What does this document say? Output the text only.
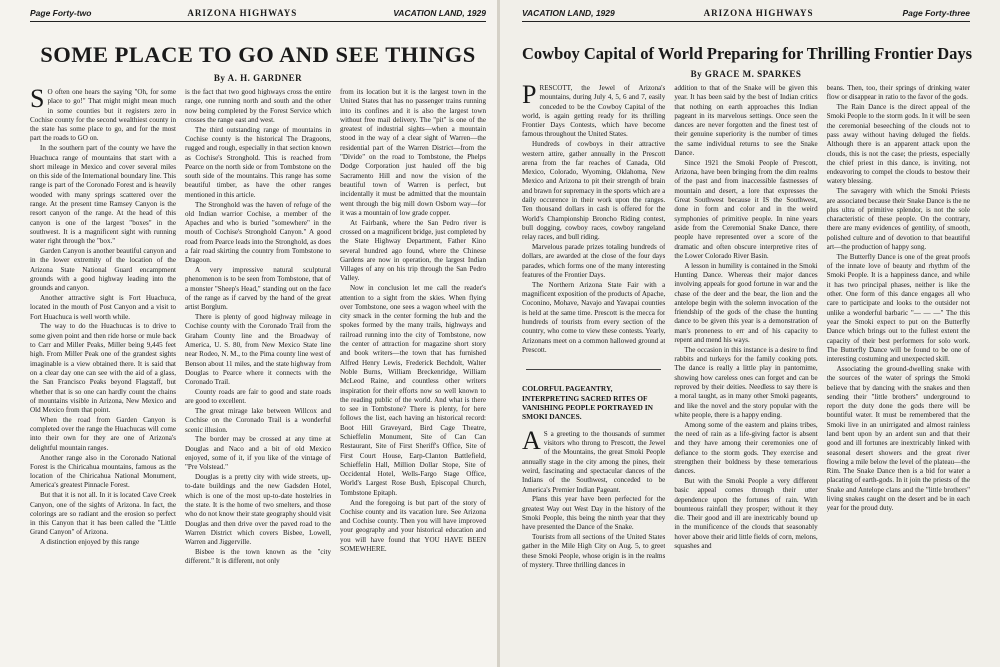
Page Forty-two	ARIZONA HIGHWAYS	VACATION LAND, 1929
SOME PLACE TO GO AND SEE THINGS
By A. H. GARDNER
S O often one hears the saying "Oh, for some place to go!" That might might mean much in some counties but it registers zero in Cochise county for the second wealthiest county in the state has some place to go, and for the most part the roads to GO on.

In the southern part of the county we have the Huachuca range of mountains that start with a short mileage in Mexico and cover several miles on this side of the International boundary line. This range is part of the Coronado Forest and is heavily wooded with many springs scattered over the range. At the present time Ramsey Canyon is the resort canyon of the range. At the head of this canyon is one of the largest "boxes" in the southwest. It is a magnificent sight with running water right through the "box."

Garden Canyon is another beautiful canyon and in the lower extremity of the location of the Arizona State National Guard encampment grounds with a good highway leading into the grounds and canyon.

Another attractive sight is Fort Huachuca, located in the mouth of Post Canyon and a visit to Fort Huachuca is well worth while.

The way to do the Huachucas is to drive to some given point and then ride horse or mule back to Carr and Miller Peaks, Miller being 9,445 feet high. From Miller Peak one of the grandest sights imaginable is a view obtained there. It is said that on a clear day one can see with the aid of a glass, the San Francisco Peaks beyond Flagstaff, but whether that is so one can hardly count the chains of mountains visible in Arizona, New Mexico and Old Mexico from that point.

When the road from Garden Canyon is completed over the range the Huachucas will come into their own for they are one of Arizona's delightful mountain ranges.

Another range also in the Coronado National Forest is the Chiricahua mountains, famous as the location of the Chiricahua National Monument, America's greatest Pinnacle Forest.

But that it is not all. In it is located Cave Creek Canyon, one of the sights of Arizona. In fact, the colorings are so radiant and the erosion so perfect in this Canyon that it has been called the "Little Grand Canyon" of Arizona.

A distinction enjoyed by this range

is the fact that two good highways cross the entire range, one running north and south and the other now being completed by the Forest Service which crosses the range east and west.

The third outstanding range of mountains in Cochise county is the historical The Dragoons, rugged and rough, especially in that section known as Cochise's Stronghold. This is reached from Pearce on the north side or from Tombstone on the south side of the mountains. This range has some beautiful timber, as have the other ranges mentioned in this article.

The Stronghold was the haven of refuge of the old Indian warrior Cochise, a member of the Apaches and who is buried "somewhere" in the mouth of Cochise's Stronghold Canyon." A good road from Pearce leads into the Stronghold, as does a fair road skirting the country from Tombstone to Dragoon.

A very impressive natural sculptural phenomenon is to be seen from Tombstone, that of a monster "Sheep's Head," standing out on the face of the range as if carved by the hand of the great artist Borglum.

There is plenty of good highway mileage in Cochise county with the Coronado Trail from the Graham County line and the Broadway of America, U. S. 80, from New Mexico State line near Rodeo, N. M., to the Pima county line west of Benson about 11 miles, and the state highway from Douglas to Pearce where it connects with the Coronado Trail.

County roads are fair to good and state roads are good to excellent.

The great mirage lake between Willcox and Cochise on the Coronado Trail is a wonderful scenic illusion.

The border may be crossed at any time at Douglas and Naco and a bit of old Mexico enjoyed, some of it, if you like of the vintage of "Pre Volstead."

Douglas is a pretty city with wide streets, up-to-date buildings and the new Gadsden Hotel, which is one of the most up-to-date hostelries in the state. It is the home of two smelters, and those who do not know their state geography should visit Douglas and then drive over the paved road to the Warren District which covers Bisbee, Lowell, Warren and Jiggerville.

Bisbee is the town known as the "city different." It is different, not only

from its location but it is the largest town in the United States that has no passenger trains running into its confines and it is also the largest town without free mail delivery. The "pit" is one of the greatest of industrial sights—when a mountain stood in the way of a clear sight of Warren—the residential part of the Warren District—from the "Divide" on the road to Tombstone, the Phelps Dodge Corporation just hauled off the big Sacramento Hill and now the vision of the beautiful town of Warren is perfect, but incidentally it must be admitted that the mountain went through the big mill down Osborn way—for it was a mountain of low grade copper.

At Fairbank, where the San Pedro river is crossed on a magnificent bridge, just completed by the State Highway Department, Father Kino several hundred ago found, where the Chinese Gardens are now in operation, the largest Indian Villages of any on his trip through the San Pedro Valley.

Now in conclusion let me call the reader's attention to a sight from the skies. When flying over Tombstone, one sees a wagon wheel with the city smack in the center forming the hub and the spokes formed by the many trails, highways and railroad running into the city of Tombstone, now the center of attraction for magazine short story and book writers—the town that has furnished Alfred Henry Lewis, Frederick Bechdolt, Walter Noble Burns, William Breckenridge, William McLeod Raine, and countless other writers inspiration for their efforts now so well known to the reading public of the world. And what is there to see in Tombstone? There is plenty, for here follows the list, each having an historical record: Boot Hill Graveyard, Bird Cage Theatre, Schieffelin Monument, Site of Can Can Restaurant, Site of First Sheriff's Office, Site of First Court House, Earp-Clanton Battlefield, Schieffelin Hall, Million Dollar Stope, Site of Occidental Hotel, Wells-Fargo Stage Office, World's Largest Rose Bush, Episcopal Church, Tombstone Epitaph.

And the foregoing is but part of the story of Cochise county and its vacation lure. See Arizona and Cochise county. Then you will have improved your geography and your historical education and you will have found that YOU HAVE BEEN SOMEWHERE.

VACATION LAND, 1929	ARIZONA HIGHWAYS	Page Forty-three
Cowboy Capital of World Preparing for Thrilling Frontier Days
By GRACE M. SPARKES
P RESCOTT, the Jewel of Arizona's mountains, during July 4, 5, 6 and 7, easily conceded to be the Cowboy Capital of the world, is again getting ready for its thrilling Frontier Days Contests, which have become famous throughout the United States.

Hundreds of cowboys in their attractive western attire, gather annually in the Prescott arena from the far reaches of Canada, Old Mexico, Colorado, Wyoming, Oklahoma, New Mexico and Arizona to pit their strength of brain and brawn for supremacy in the sports which are a daily occurence in their work upon the ranges. Ten thousand dollars in cash is offered for the World's Championship Broncho Riding contest, bull dogging, cowboy races, cowboy rangeland relay races, and bull riding.

Marvelous parade prizes totaling hundreds of dollars, are awarded at the close of the four days parades, which forms one of the many interesting features of the Frontier Days.

The Northern Arizona State Fair with a magnificent exposition of the products of Apache, Coconino, Mohave, Navajo and Yavapai counties is held at the same time. Prescott is the mecca for hundreds of tourists from every section of the country, who come to view these contests. Yearly, Arizonans meet on a common hallowed ground at Prescott.

COLORFUL PAGEANTRY, INTERPRETING SACRED RITES OF VANISHING PEOPLE PORTRAYED IN SMOKI DANCES.
A S a greeting to the thousands of summer visitors who throng to Prescott, the Jewel of the Mountains, the great Smoki People annually stage in the city among the pines, their weird, fascinating and spectacular dances of the Indians of the Southwest, conceded to be America's Premier Indian Pageant.

Plans this year have been perfected for the greatest Way out West Day in the history of the Smoki People, this being the ninth year that they have presented the Dance of the Snake.

Tourists from all sections of the United States gather in the Mile High City on Aug. 5, to greet these Smoki People, whose origin is in the realms of mystery. Three thrilling dances in

addition to that of the Snake will be given this year. It has been said by the best of Indian critics that nothing on earth approaches this Indian pageant in its marvelous settings. Once seen the dances are never forgotten and the finest test of their genuine superiority is the number of times the same individual returns to see the Snake Dance.

Since 1921 the Smoki People of Prescott, Arizona, have been bringing from the dim realms of the past and from inaccessible fastnesses of mountain and desert, a lore that expresses the Great Southwest because it IS the Southwest, done in form and color and in the weird symphonies of primitive people. In nine years aside from the Ceremonial Snake Dance, there people have represented over a score of the dramatic and often obscure interpretive rites of the Lower Colorado River Basin.

A lesson in humility is contained in the Smoki Hunting Dance. Whereas their major dances involving appeals for good fortune in war and the chase of the deer and the bear, the lion and the antelope begin with the solemn invocation of the friendship of the gods of the chase the hunting dance to be given this year is a demonstration of man's proneness to err and of his capacity to repent and mend his ways.

The occasion in this instance is a desire to find rabbits and turkeys for the family cooking pots. The dance is really a little play in pantomime, showing how careless ones can forget and can be reproved by their deities. Needless to say there is a moral taught, as in many other Smoki pageants, and like the novel and the story popular with the white people, there is a happy ending.

Among some of the eastern and plains tribes, the need of rain as a life-giving factor is absent and they have among their ceremonies one of defiance to the storm gods. They exercise and strengthen their boldness by these temerarious dances.

But with the Smoki People a very different basic appeal comes through their utter dependence upon the fortunes of rain. With bounteous rainfall they prosper; without it they die. Their good and ill are inextricably bound up in the munificence of the clouds that seasonably hover above their arid little fields of corn, melons, squashes and

beans. Then, too, their springs of drinking water flow or disappear in ratio to the favor of the gods.

The Rain Dance is the direct appeal of the Smoki People to the storm gods. In it will be seen the ceremonial beseeching of the clouds not to pass away without having deluged the fields. Although there is an apparent attack upon the clouds, this is not the case; the priests, especially the chief priest in this dance, is inviting, not endeavoring to compel the clouds to bestow their watery blessing.

The savagery with which the Smoki Priests are associated because their Snake Dance is the ne plus ultra of primitive splendor, is not the sole characteristic of these people. On the contrary, there are many evidences of gentility, of smooth, polished culture and of devotion to that beautiful art—the production of happy song.

The Butterfly Dance is one of the great proofs of the innate love of beauty and rhythm of the Smoki People. It is a happiness dance, and while it has two principal phases, neither is like the other. One form of this dance engages all who care to participate and looks to the outsider not unlike a wonderful barbaric "— — —" The this year the Smoki expect to put on the Butterfly Dance which brings out to the fullest extent the capacity of their best performers for solo work. The Butterfly Dance will be found to be one of interesting costuming and unexpected skill.

Associating the ground-dwelling snake with the sources of the water of springs the Smoki believe that by dancing with the snakes and then sending their "little brothers" underground to report the duty done the gods there will be bountiful water. It must be remembered that the Smoki live in an unirrigated and almost rainless land bent upon by an ardent sun and that their good and ill fortunes are inextricably linked with seasonal desert showers and the great river flowing a mile below the level of the plateau—the Rim. The Snake Dance then is a bid for water a placating of earth-gods. In it join the priests of the Snake and Antelope clans and the "little brothers" living snakes caught on the desert and be in each year for the proud duty.
